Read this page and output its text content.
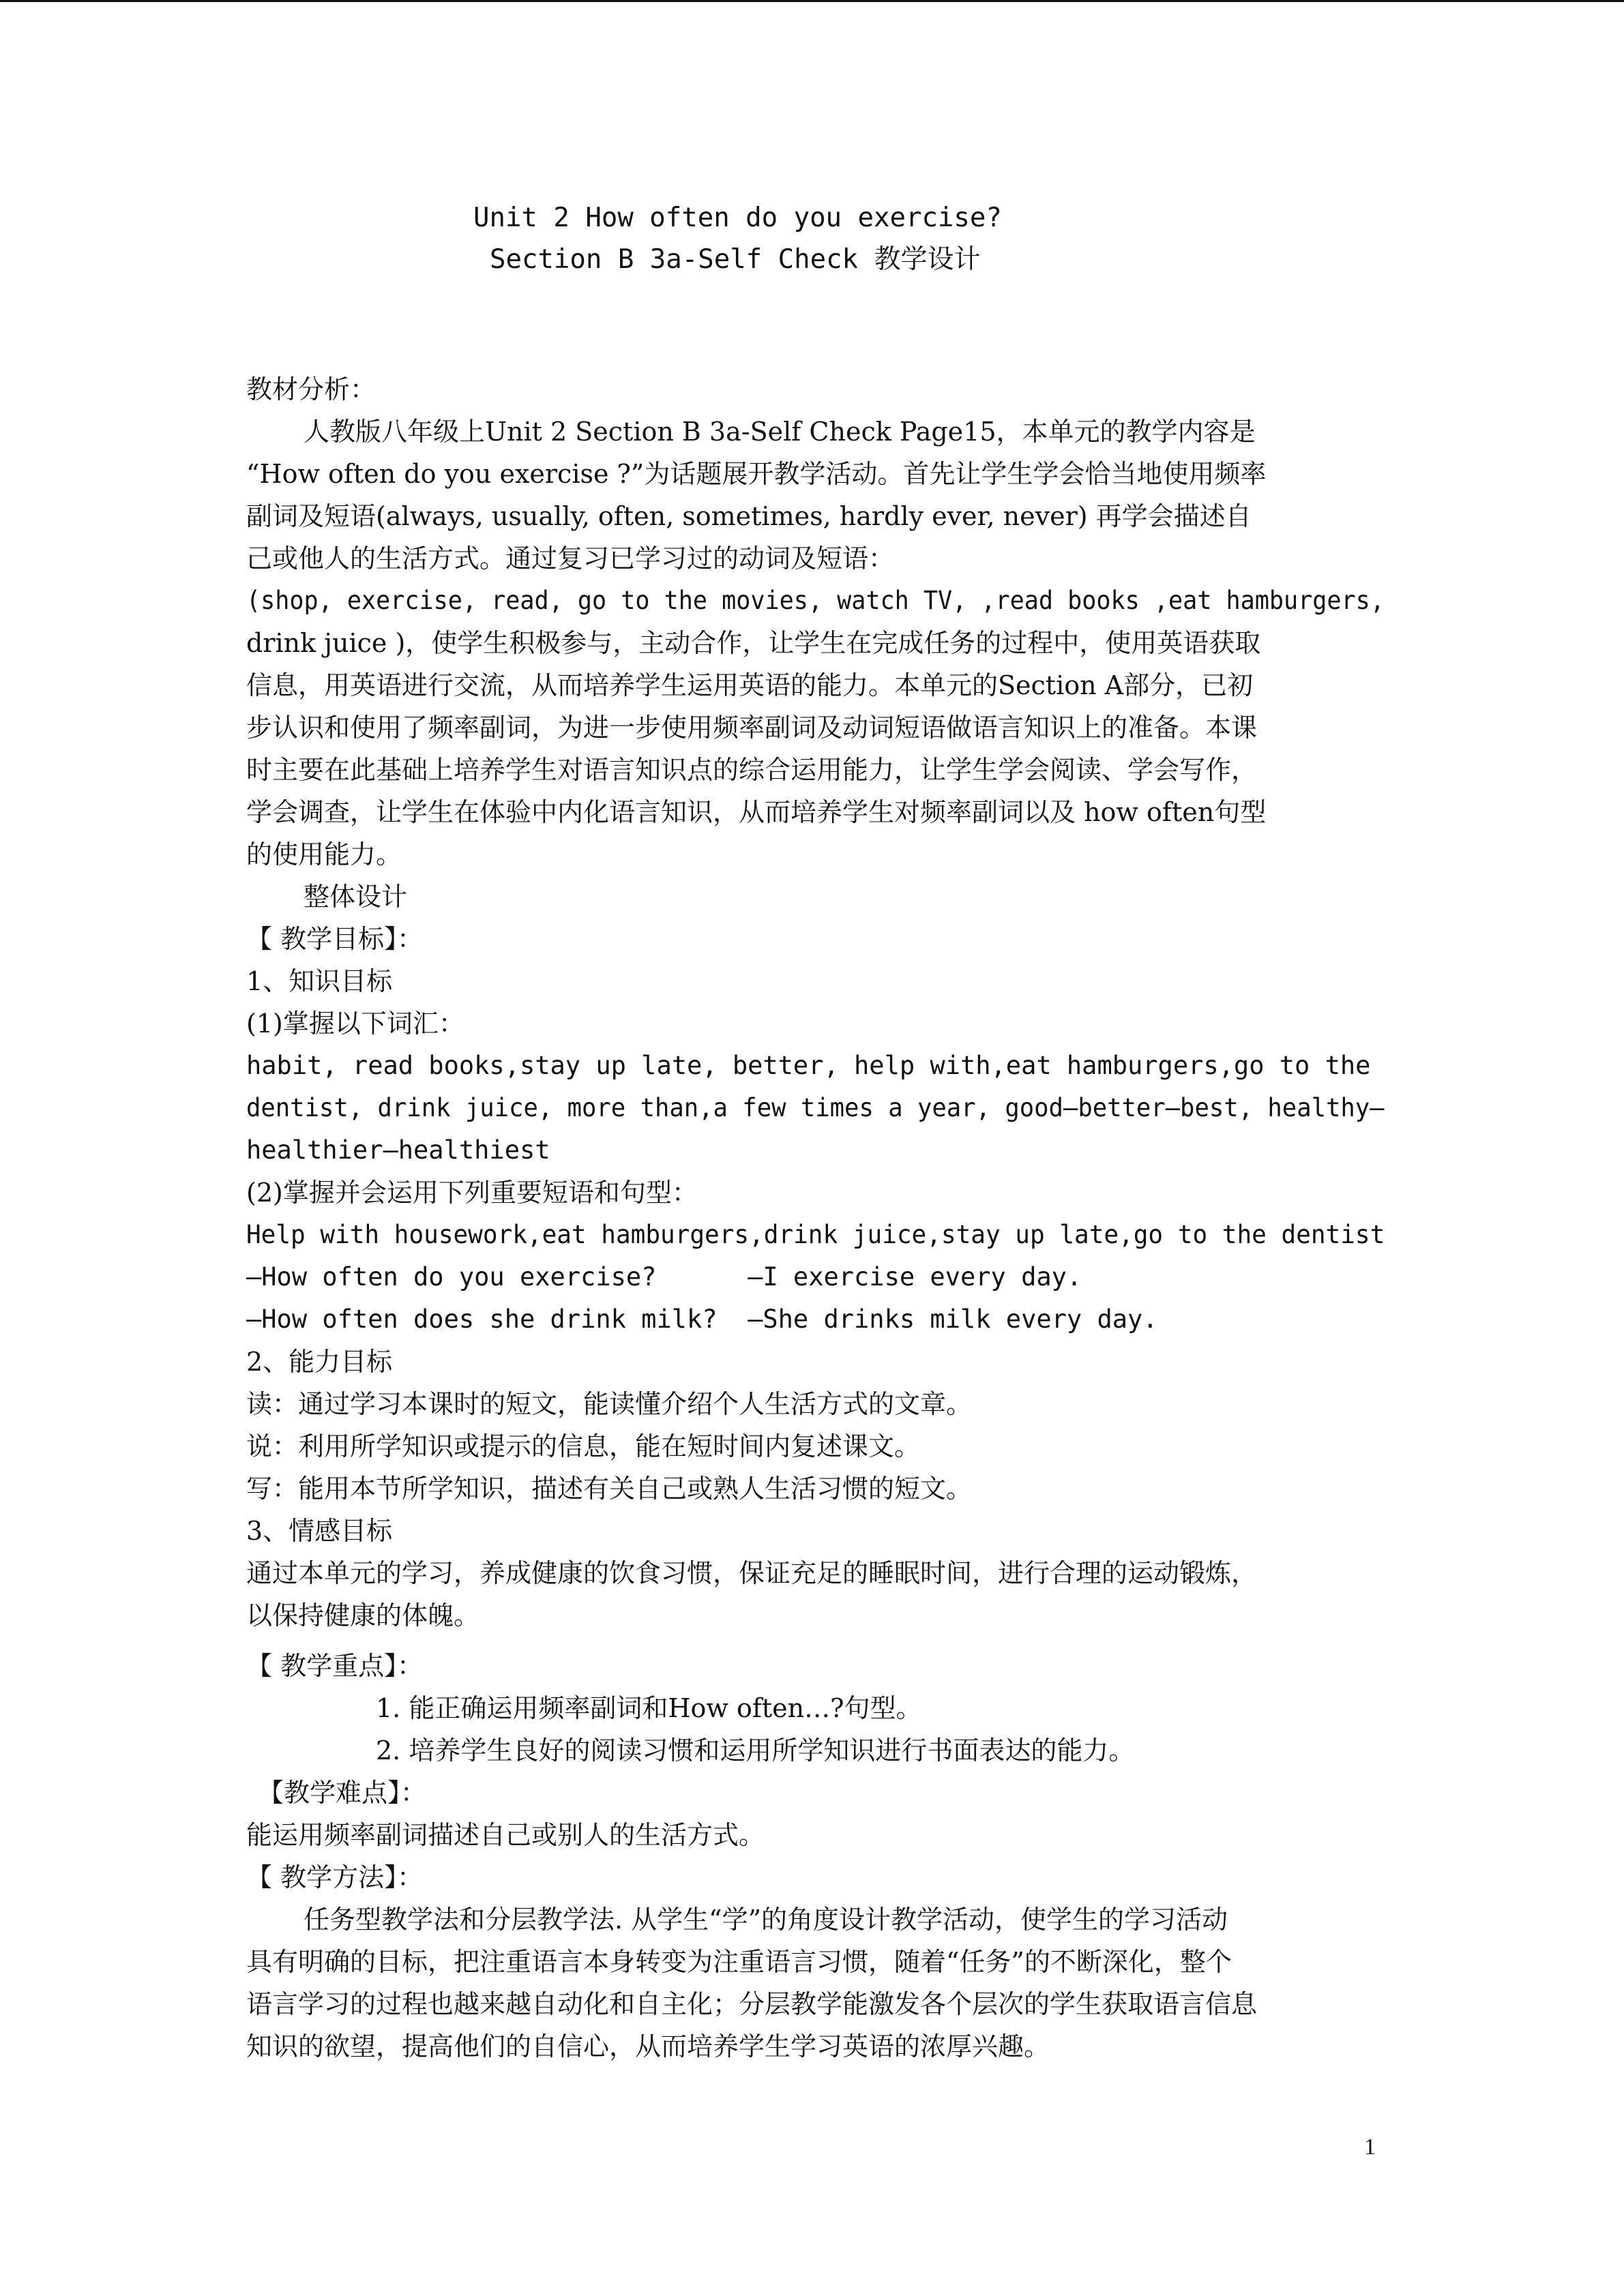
Unit 2 How often do you exercise?
Section B 3a-Self Check 教学设计
教材分析：
人教版八年级上Unit 2 Section B 3a-Self Check Page15，本单元的教学内容是
“How often do you exercise ?”为话题展开教学活动。首先让学生学会恰当地使用频率
副词及短语(always, usually, often, sometimes, hardly ever, never) 再学会描述自
己或他人的生活方式。通过复习已学习过的动词及短语：
(shop, exercise, read, go to the movies, watch TV, ,read books ,eat hamburgers,
drink juice )，使学生积极参与，主动合作，让学生在完成任务的过程中，使用英语获取
信息，用英语进行交流，从而培养学生运用英语的能力。本单元的Section A部分，已初
步认识和使用了频率副词，为进一步使用频率副词及动词短语做语言知识上的准备。本课
时主要在此基础上培养学生对语言知识点的综合运用能力，让学生学会阅读、学会写作，
学会调查，让学生在体验中内化语言知识，从而培养学生对频率副词以及 how often句型
的使用能力。
整体设计
【 教学目标】：
1、知识目标
(1)掌握以下词汇：
habit, read books,stay up late, better, help with,eat hamburgers,go to the
dentist, drink juice, more than,a few times a year, good—better—best, healthy—
healthier—healthiest
(2)掌握并会运用下列重要短语和句型：
Help with housework,eat hamburgers,drink juice,stay up late,go to the dentist
—How often do you exercise?      —I exercise every day.
—How often does she drink milk?  —She drinks milk every day.
2、能力目标
读：通过学习本课时的短文，能读懂介绍个人生活方式的文章。
说：利用所学知识或提示的信息，能在短时间内复述课文。
写：能用本节所学知识，描述有关自己或熟人生活习惯的短文。
3、情感目标
通过本单元的学习，养成健康的饮食习惯，保证充足的睡眠时间，进行合理的运动锻炼，
以保持健康的体魄。
【 教学重点】：
1. 能正确运用频率副词和How often…?句型。
2. 培养学生良好的阅读习惯和运用所学知识进行书面表达的能力。
【教学难点】：
能运用频率副词描述自己或别人的生活方式。
【 教学方法】：
任务型教学法和分层教学法. 从学生“学”的角度设计教学活动，使学生的学习活动
具有明确的目标，把注重语言本身转变为注重语言习惯，随着“任务”的不断深化，整个
语言学习的过程也越来越自动化和自主化；分层教学能激发各个层次的学生获取语言信息
知识的欲望，提高他们的自信心，从而培养学生学习英语的浓厚兴趣。
1
